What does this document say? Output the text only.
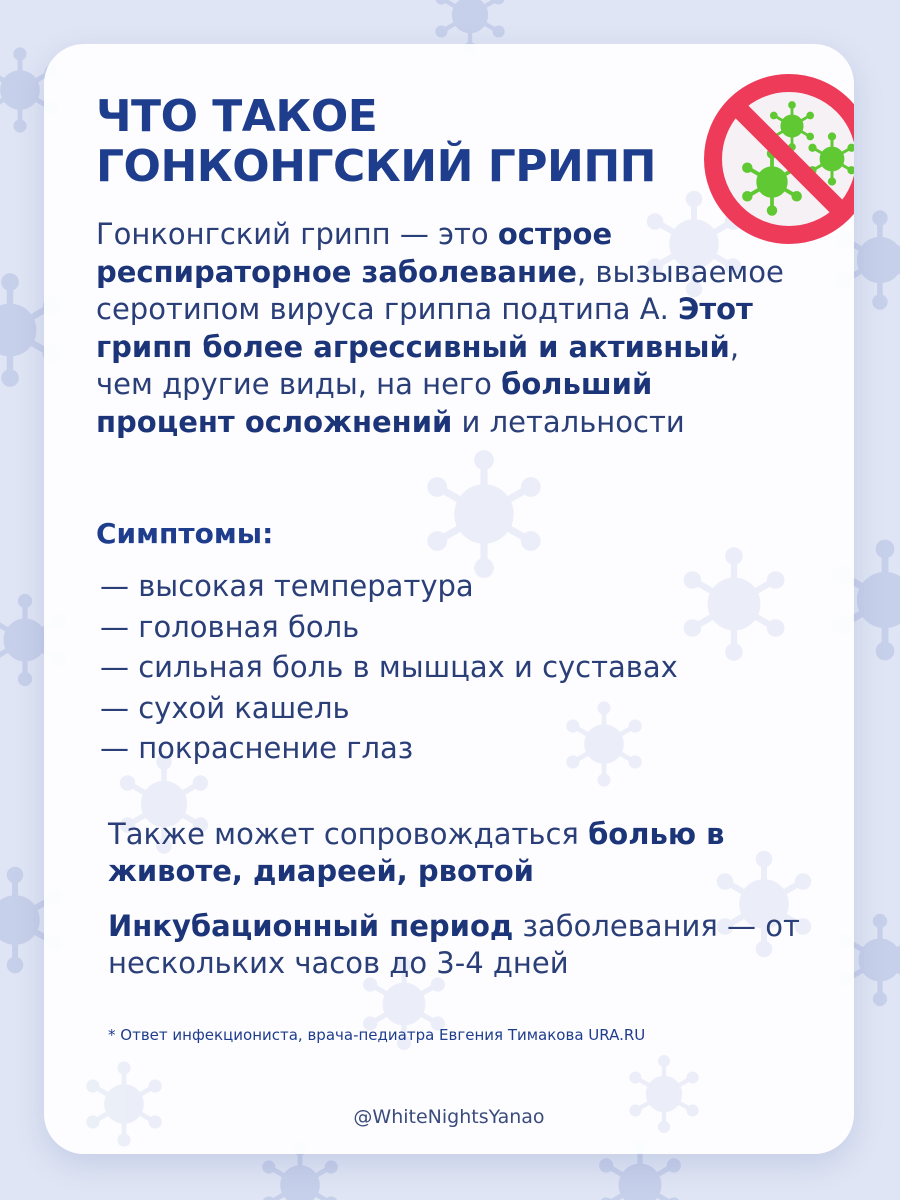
ЧТО ТАКОЕ
ГОНКОНГСКИЙ ГРИПП

Гонконгский грипп — это острое респираторное заболевание, вызываемое серотипом вируса гриппа подтипа А. Этот грипп более агрессивный и активный, чем другие виды, на него больший процент осложнений и летальности

Симптомы:
— высокая температура
— головная боль
— сильная боль в мышцах и суставах
— сухой кашель
— покраснение глаз

Также может сопровождаться болью в животе, диареей, рвотой

Инкубационный период заболевания — от нескольких часов до 3-4 дней

* Ответ инфекциониста, врача-педиатра Евгения Тимакова URA.RU

@WhiteNightsYanao
